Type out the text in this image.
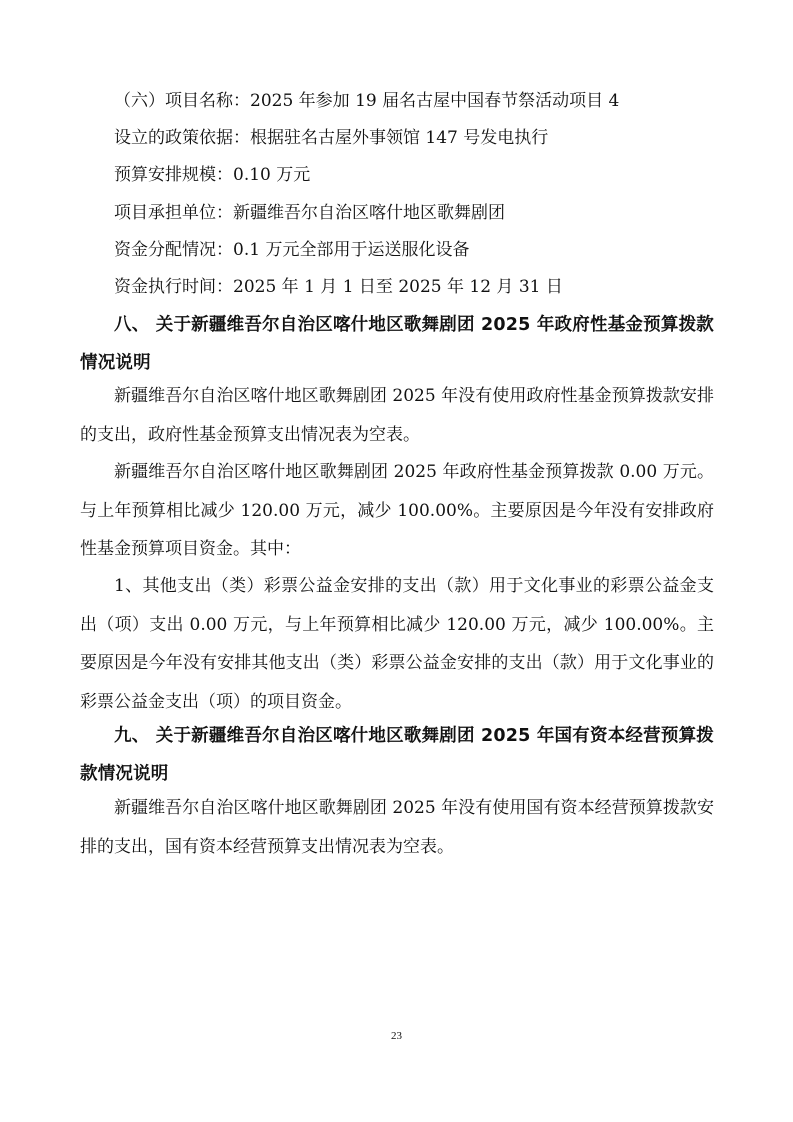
（六）项目名称：2025 年参加 19 届名古屋中国春节祭活动项目 4
设立的政策依据：根据驻名古屋外事领馆 147 号发电执行
预算安排规模：0.10 万元
项目承担单位：新疆维吾尔自治区喀什地区歌舞剧团
资金分配情况：0.1 万元全部用于运送服化设备
资金执行时间：2025 年 1 月 1 日至 2025 年 12 月 31 日
八、 关于新疆维吾尔自治区喀什地区歌舞剧团 2025 年政府性基金预算拨款情况说明
新疆维吾尔自治区喀什地区歌舞剧团 2025 年没有使用政府性基金预算拨款安排的支出，政府性基金预算支出情况表为空表。
新疆维吾尔自治区喀什地区歌舞剧团 2025 年政府性基金预算拨款 0.00 万元。与上年预算相比减少 120.00 万元，减少 100.00%。主要原因是今年没有安排政府性基金预算项目资金。其中：
1、其他支出（类）彩票公益金安排的支出（款）用于文化事业的彩票公益金支出（项）支出 0.00 万元，与上年预算相比减少 120.00 万元，减少 100.00%。主要原因是今年没有安排其他支出（类）彩票公益金安排的支出（款）用于文化事业的彩票公益金支出（项）的项目资金。
九、 关于新疆维吾尔自治区喀什地区歌舞剧团 2025 年国有资本经营预算拨款情况说明
新疆维吾尔自治区喀什地区歌舞剧团 2025 年没有使用国有资本经营预算拨款安排的支出，国有资本经营预算支出情况表为空表。
23
